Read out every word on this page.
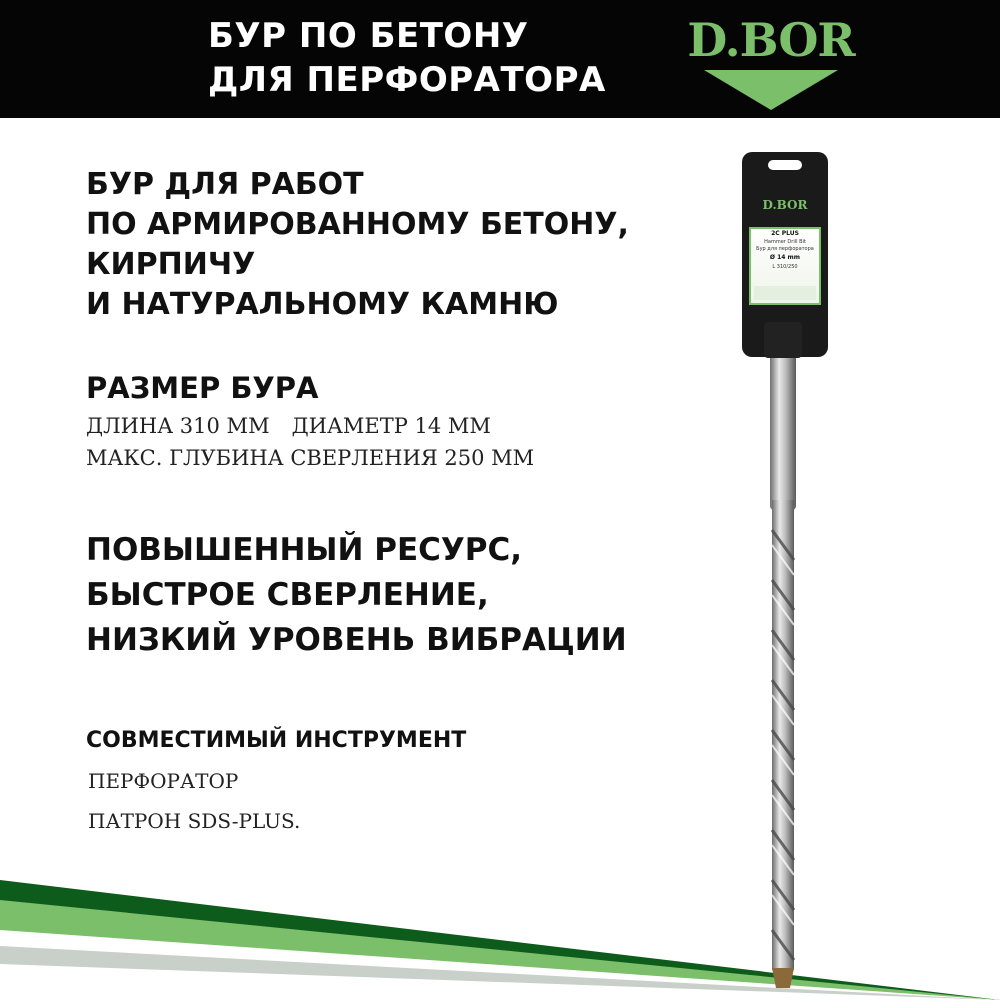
БУР ПО БЕТОНУ
ДЛЯ ПЕРФОРАТОРА
D.BOR

БУР ДЛЯ РАБОТ

ПО АРМИРОВАННОМУ БЕТОНУ,

КИРПИЧУ

И НАТУРАЛЬНОМУ КАМНЮ

РАЗМЕР БУРА

ДЛИНА 310 ММ ДИАМЕТР 14 ММ

МАКС. ГЛУБИНА СВЕРЛЕНИЯ 250 ММ

ПОВЫШЕННЫЙ РЕСУРС,

БЫСТРОЕ СВЕРЛЕНИЕ,

НИЗКИЙ УРОВЕНЬ ВИБРАЦИИ

СОВМЕСТИМЫЙ ИНСТРУМЕНТ

ПЕРФОРАТОР

ПАТРОН SDS-PLUS.

D.BOR
2C PLUS
Hammer Drill Bit
Бур для перфоратора
Ø 14 mm
L 310/250
